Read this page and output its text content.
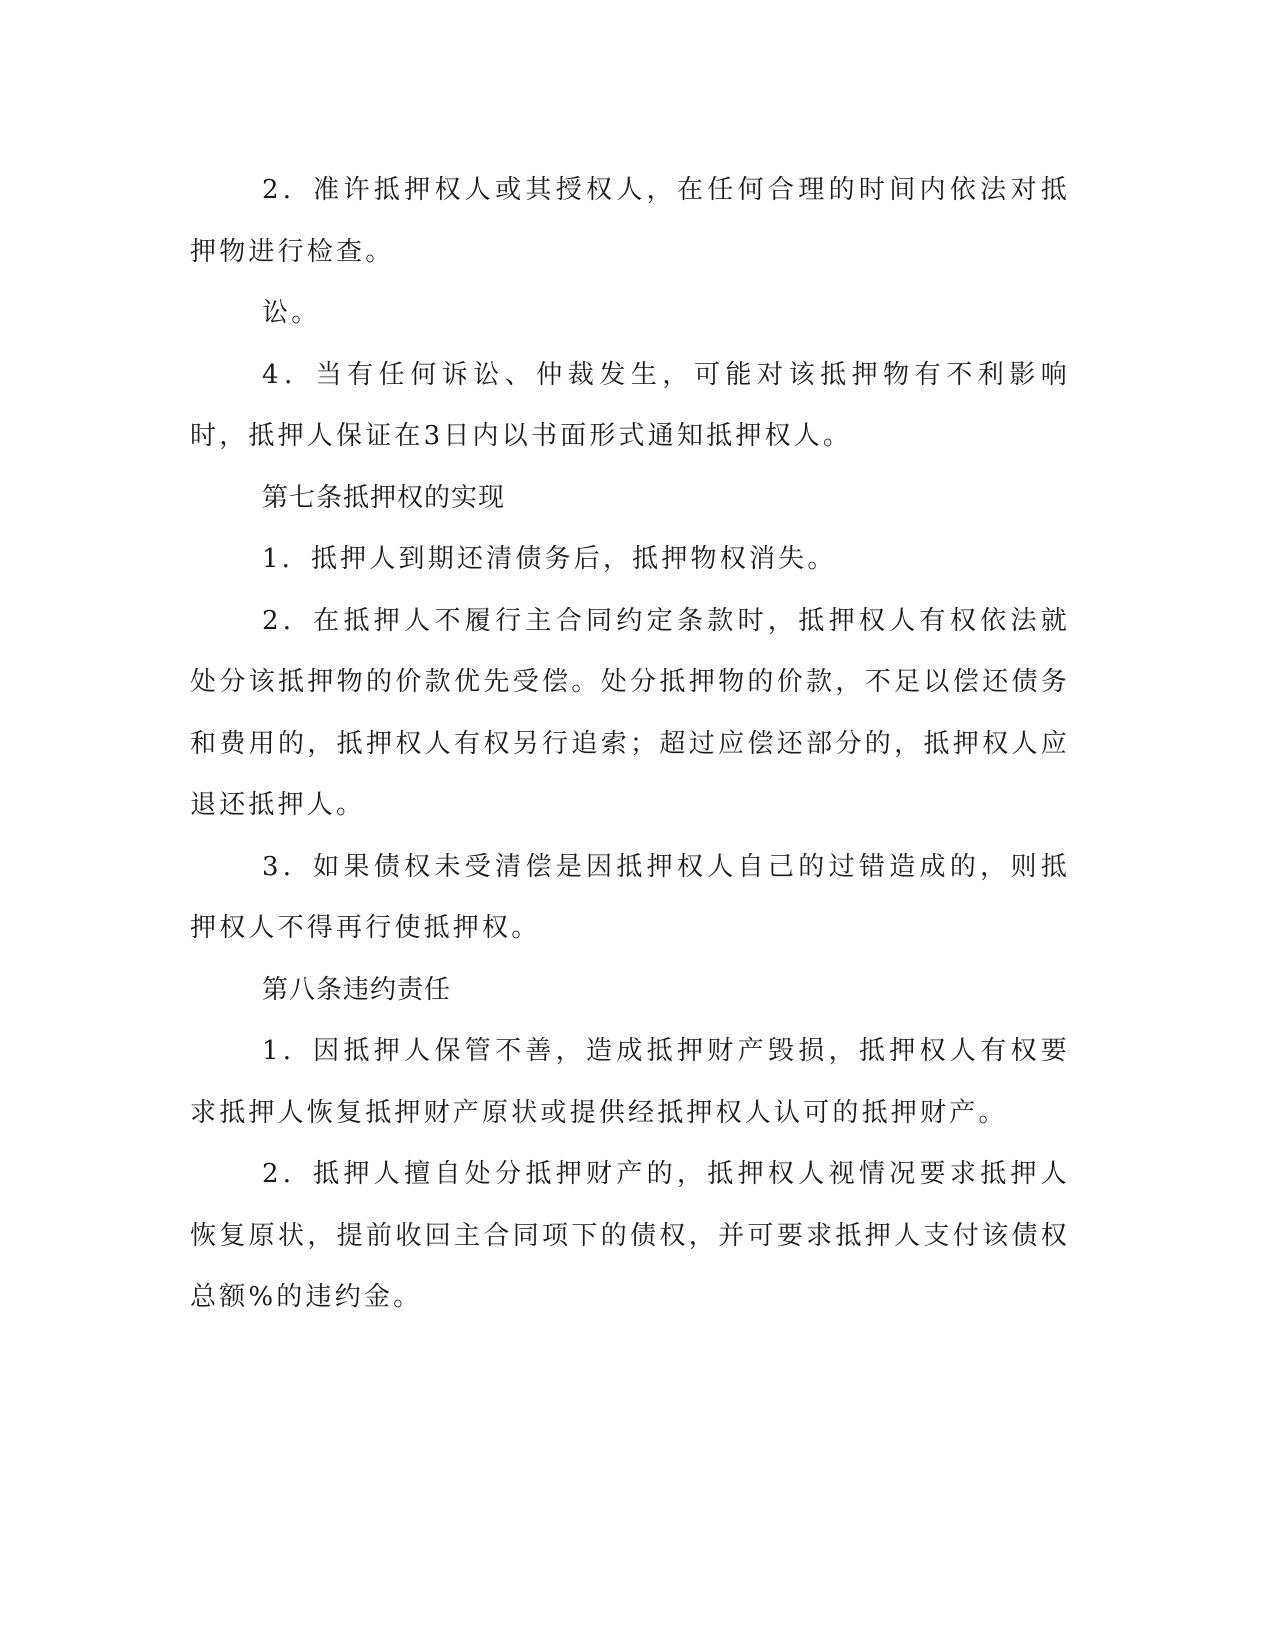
2．准许抵押权人或其授权人，在任何合理的时间内依法对抵押物进行检查。

讼。

4．当有任何诉讼、仲裁发生，可能对该抵押物有不利影响时，抵押人保证在3日内以书面形式通知抵押权人。

第七条抵押权的实现

1．抵押人到期还清债务后，抵押物权消失。

2．在抵押人不履行主合同约定条款时，抵押权人有权依法就处分该抵押物的价款优先受偿。处分抵押物的价款，不足以偿还债务和费用的，抵押权人有权另行追索；超过应偿还部分的，抵押权人应退还抵押人。

3．如果债权未受清偿是因抵押权人自己的过错造成的，则抵押权人不得再行使抵押权。

第八条违约责任

1．因抵押人保管不善，造成抵押财产毁损，抵押权人有权要求抵押人恢复抵押财产原状或提供经抵押权人认可的抵押财产。

2．抵押人擅自处分抵押财产的，抵押权人视情况要求抵押人恢复原状，提前收回主合同项下的债权，并可要求抵押人支付该债权总额%的违约金。
